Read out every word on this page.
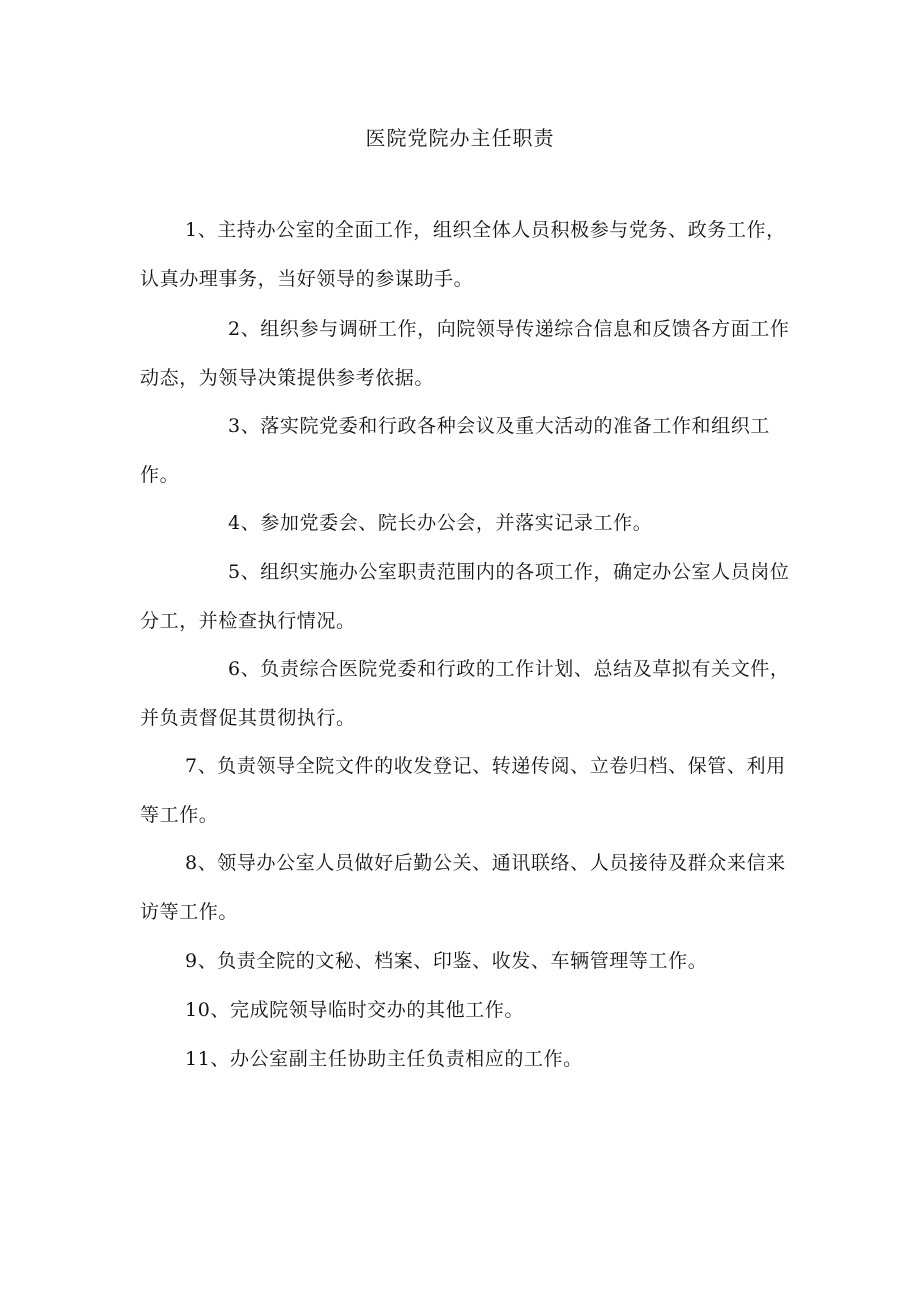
医院党院办主任职责

1、主持办公室的全面工作，组织全体人员积极参与党务、政务工作，认真办理事务，当好领导的参谋助手。

2、组织参与调研工作，向院领导传递综合信息和反馈各方面工作动态，为领导决策提供参考依据。

3、落实院党委和行政各种会议及重大活动的准备工作和组织工作。

4、参加党委会、院长办公会，并落实记录工作。

5、组织实施办公室职责范围内的各项工作，确定办公室人员岗位分工，并检查执行情况。

6、负责综合医院党委和行政的工作计划、总结及草拟有关文件，并负责督促其贯彻执行。

7、负责领导全院文件的收发登记、转递传阅、立卷归档、保管、利用等工作。

8、领导办公室人员做好后勤公关、通讯联络、人员接待及群众来信来访等工作。

9、负责全院的文秘、档案、印鉴、收发、车辆管理等工作。

10、完成院领导临时交办的其他工作。

11、办公室副主任协助主任负责相应的工作。
